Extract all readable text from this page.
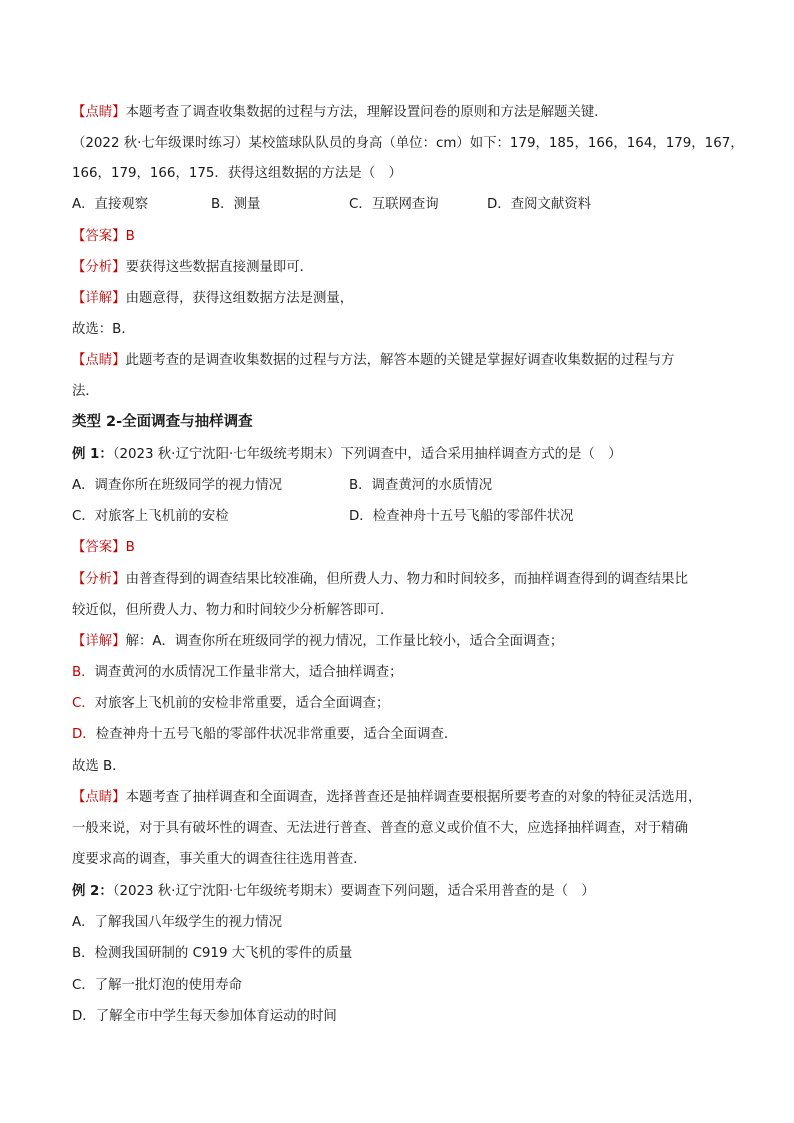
【点睛】本题考查了调查收集数据的过程与方法，理解设置问卷的原则和方法是解题关键．
（2022 秋·七年级课时练习）某校篮球队队员的身高（单位：cm）如下：179，185，166，164，179，167，
166，179，166，175．获得这组数据的方法是（　）
A．直接观察	B．测量	C．互联网查询	D．查阅文献资料
【答案】B
【分析】要获得这些数据直接测量即可．
【详解】由题意得，获得这组数据方法是测量，
故选：B．
【点睛】此题考查的是调查收集数据的过程与方法，解答本题的关键是掌握好调查收集数据的过程与方
法．
类型 2-全面调查与抽样调查
例 1：（2023 秋·辽宁沈阳·七年级统考期末）下列调查中，适合采用抽样调查方式的是（　）
A．调查你所在班级同学的视力情况	B．调查黄河的水质情况
C．对旅客上飞机前的安检	D．检查神舟十五号飞船的零部件状况
【答案】B
【分析】由普查得到的调查结果比较准确，但所费人力、物力和时间较多，而抽样调查得到的调查结果比
较近似，但所费人力、物力和时间较少分析解答即可．
【详解】解：A．调查你所在班级同学的视力情况，工作量比较小，适合全面调查；
B．调查黄河的水质情况工作量非常大，适合抽样调查；
C．对旅客上飞机前的安检非常重要，适合全面调查；
D．检查神舟十五号飞船的零部件状况非常重要，适合全面调查．
故选 B．
【点睛】本题考查了抽样调查和全面调查，选择普查还是抽样调查要根据所要考查的对象的特征灵活选用，
一般来说，对于具有破坏性的调查、无法进行普查、普查的意义或价值不大，应选择抽样调查，对于精确
度要求高的调查，事关重大的调查往往选用普查．
例 2：（2023 秋·辽宁沈阳·七年级统考期末）要调查下列问题，适合采用普查的是（　）
A．了解我国八年级学生的视力情况
B．检测我国研制的 C919 大飞机的零件的质量
C．了解一批灯泡的使用寿命
D．了解全市中学生每天参加体育运动的时间
